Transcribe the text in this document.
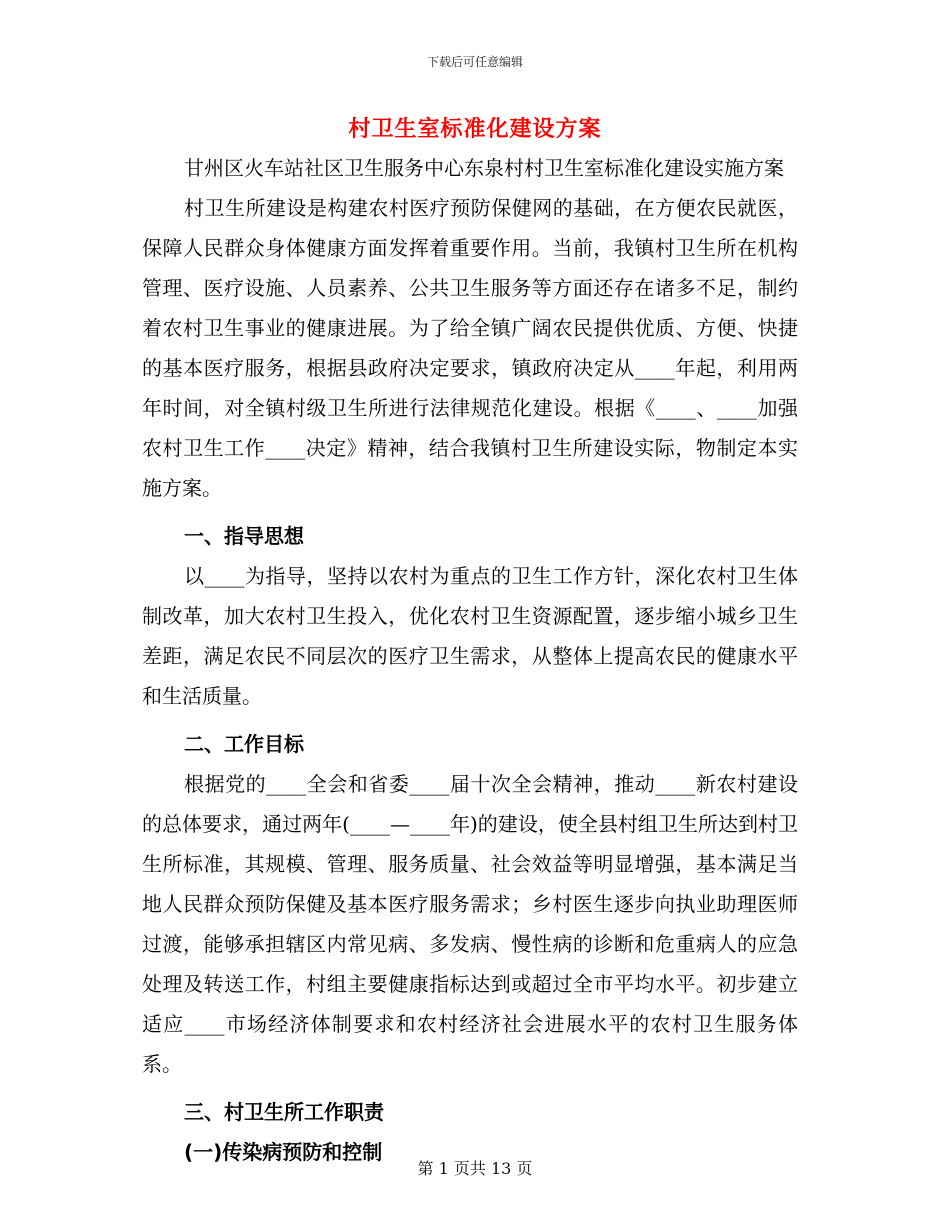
下载后可任意编辑
村卫生室标准化建设方案

甘州区火车站社区卫生服务中心东泉村村卫生室标准化建设实施方案

村卫生所建设是构建农村医疗预防保健网的基础，在方便农民就医，保障人民群众身体健康方面发挥着重要作用。当前，我镇村卫生所在机构管理、医疗设施、人员素养、公共卫生服务等方面还存在诸多不足，制约着农村卫生事业的健康进展。为了给全镇广阔农民提供优质、方便、快捷的基本医疗服务，根据县政府决定要求，镇政府决定从____年起，利用两年时间，对全镇村级卫生所进行法律规范化建设。根据《____、____加强农村卫生工作____决定》精神，结合我镇村卫生所建设实际，物制定本实施方案。

一、指导思想

以____为指导，坚持以农村为重点的卫生工作方针，深化农村卫生体制改革，加大农村卫生投入，优化农村卫生资源配置，逐步缩小城乡卫生差距，满足农民不同层次的医疗卫生需求，从整体上提高农民的健康水平和生活质量。

二、工作目标

根据党的____全会和省委____届十次全会精神，推动____新农村建设的总体要求，通过两年(____—____年)的建设，使全县村组卫生所达到村卫生所标准，其规模、管理、服务质量、社会效益等明显增强，基本满足当地人民群众预防保健及基本医疗服务需求；乡村医生逐步向执业助理医师过渡，能够承担辖区内常见病、多发病、慢性病的诊断和危重病人的应急处理及转送工作，村组主要健康指标达到或超过全市平均水平。初步建立适应____市场经济体制要求和农村经济社会进展水平的农村卫生服务体系。

三、村卫生所工作职责

(一)传染病预防和控制

第 1 页共 13 页
